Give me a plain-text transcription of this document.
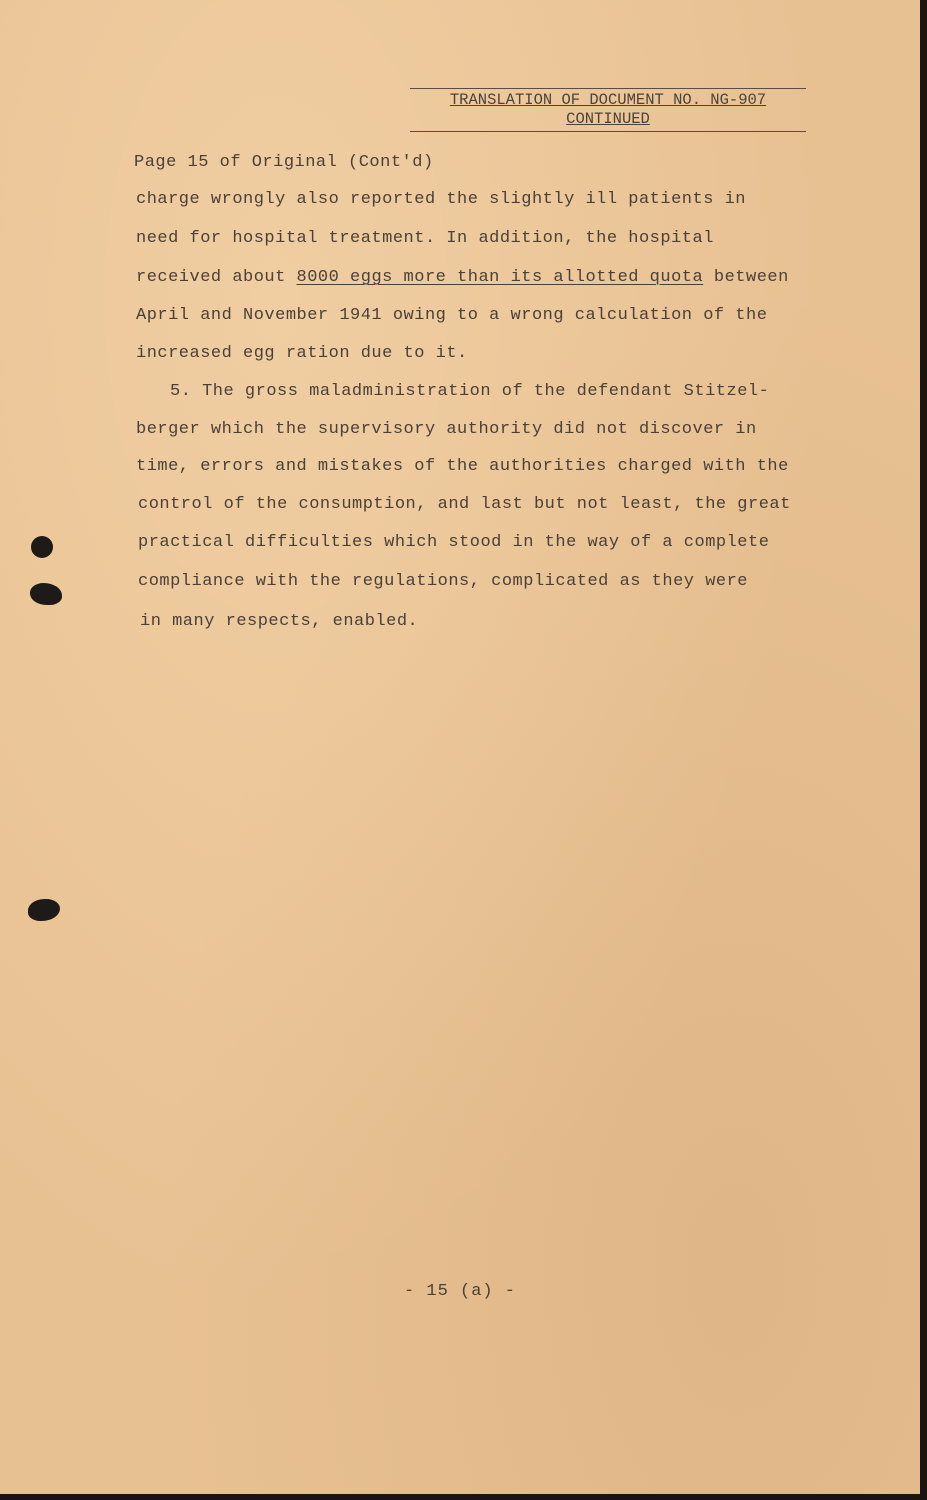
TRANSLATION OF DOCUMENT NO. NG-907
CONTINUED
Page 15 of Original (Cont'd)
charge wrongly also reported the slightly ill patients in
need for hospital treatment. In addition, the hospital
received about 8000 eggs more than its allotted quota between
April and November 1941 owing to a wrong calculation of the
increased egg ration due to it.
5. The gross maladministration of the defendant Stitzel-
berger which the supervisory authority did not discover in
time, errors and mistakes of the authorities charged with the
control of the consumption, and last but not least, the great
practical difficulties which stood in the way of a complete
compliance with the regulations, complicated as they were
in many respects, enabled.
- 15 (a) -
